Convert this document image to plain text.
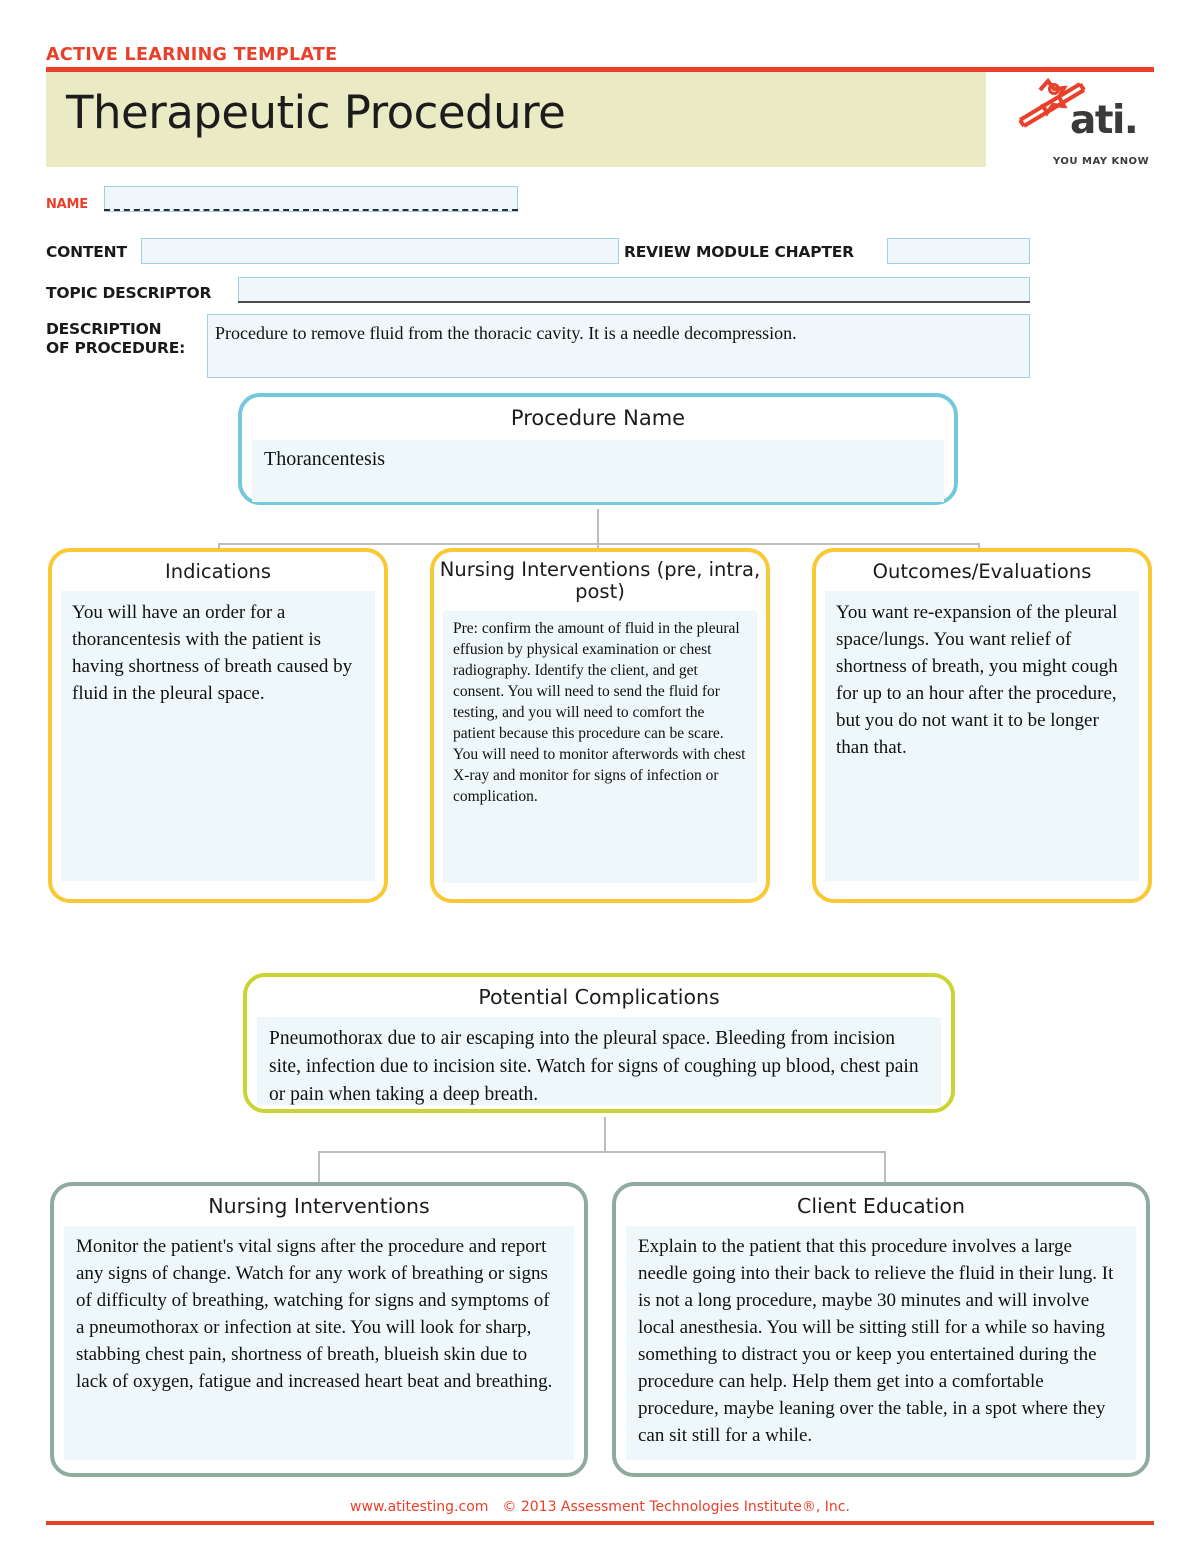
ACTIVE LEARNING TEMPLATE
Therapeutic Procedure	ati.
YOU MAY KNOW
NAME
CONTENT	REVIEW MODULE CHAPTER
TOPIC DESCRIPTOR
DESCRIPTION
OF PROCEDURE:
Procedure to remove fluid from the thoracic cavity. It is a needle decompression.
Procedure Name
Thorancentesis
Indications
You will have an order for a thorancentesis with the patient is having shortness of breath caused by fluid in the pleural space.
Nursing Interventions (pre, intra, post)
Pre: confirm the amount of fluid in the pleural effusion by physical examination or chest radiography. Identify the client, and get consent. You will need to send the fluid for testing, and you will need to comfort the patient because this procedure can be scare. You will need to monitor afterwords with chest X-ray and monitor for signs of infection or complication.
Outcomes/Evaluations
You want re-expansion of the pleural space/lungs. You want relief of shortness of breath, you might cough for up to an hour after the procedure, but you do not want it to be longer than that.
Potential Complications
Pneumothorax due to air escaping into the pleural space. Bleeding from incision site, infection due to incision site. Watch for signs of coughing up blood, chest pain or pain when taking a deep breath.
Nursing Interventions
Monitor the patient's vital signs after the procedure and report any signs of change. Watch for any work of breathing or signs of difficulty of breathing, watching for signs and symptoms of a pneumothorax or infection at site. You will look for sharp, stabbing chest pain, shortness of breath, blueish skin due to lack of oxygen, fatigue and increased heart beat and breathing.
Client Education
Explain to the patient that this procedure involves a large needle going into their back to relieve the fluid in their lung. It is not a long procedure, maybe 30 minutes and will involve local anesthesia. You will be sitting still for a while so having something to distract you or keep you entertained during the procedure can help. Help them get into a comfortable procedure, maybe leaning over the table, in a spot where they can sit still for a while.
www.atitesting.com © 2013 Assessment Technologies Institute®, Inc.
